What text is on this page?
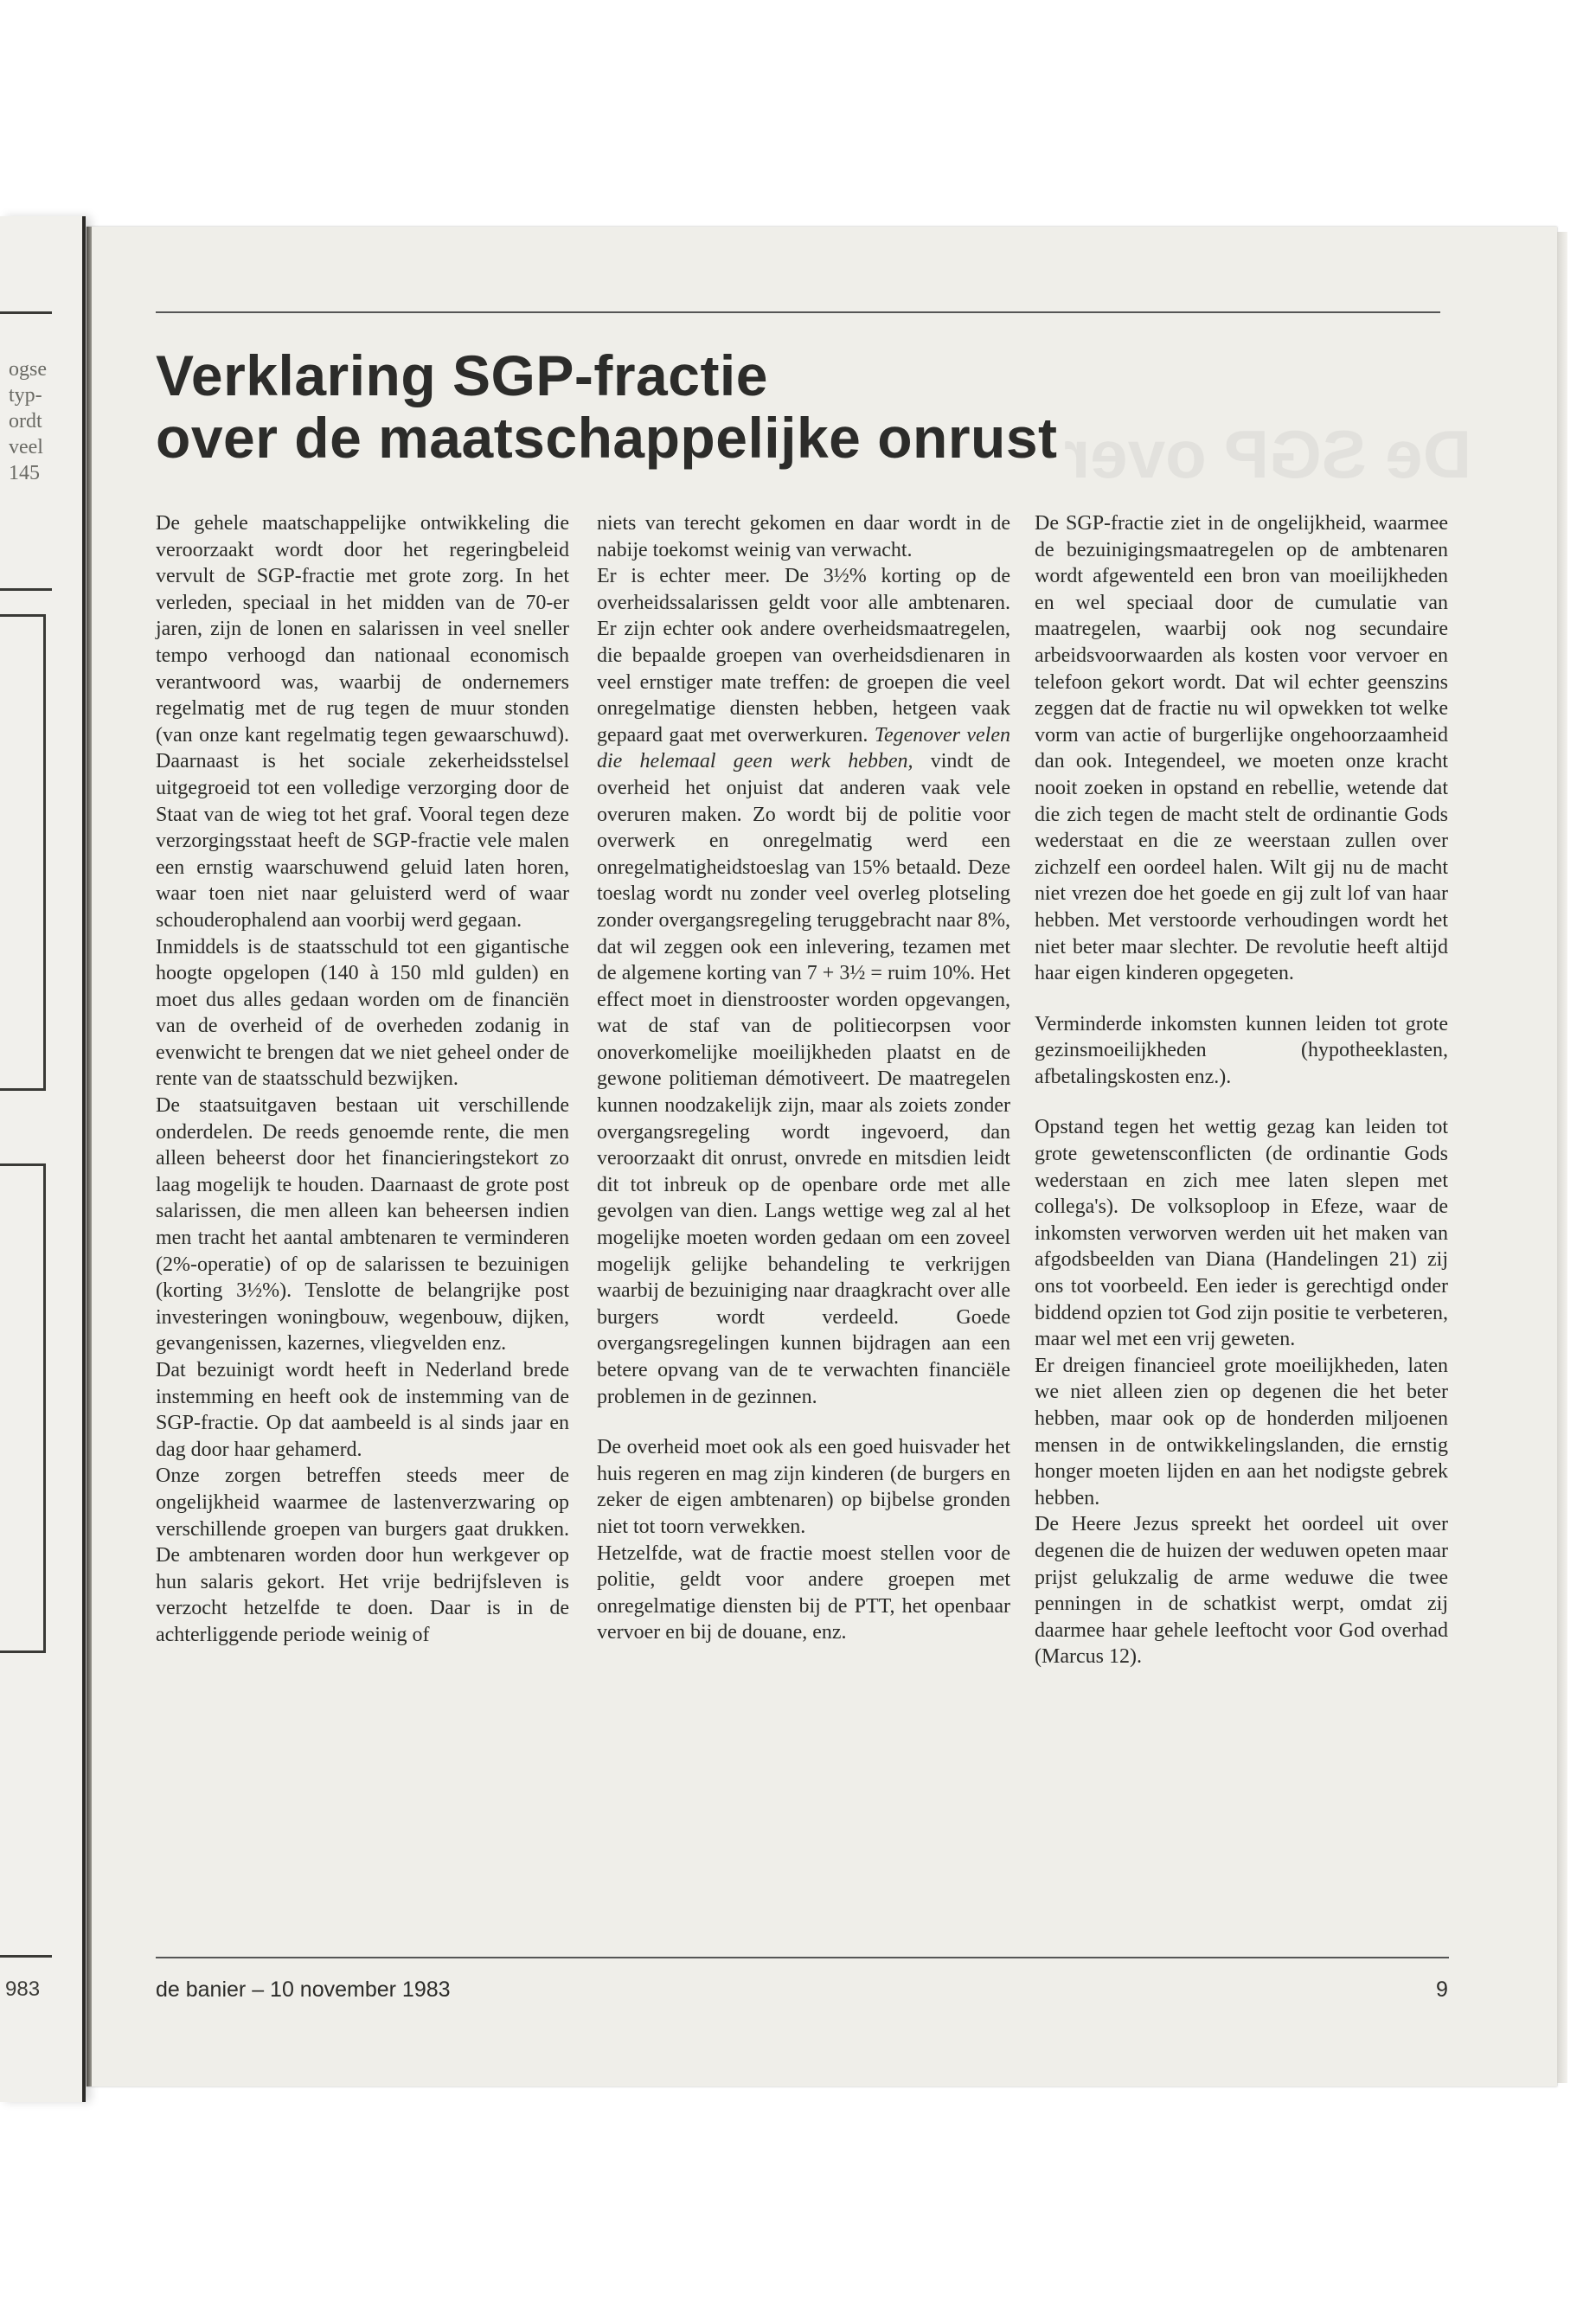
ogse
typ-
ordt
veel
145
983
De SGP over
Verklaring SGP-fractie
over de maatschappelijke onrust

De gehele maatschappelijke ontwikkeling die veroorzaakt wordt door het regeringbeleid vervult de SGP-fractie met grote zorg. In het verleden, speciaal in het midden van de 70-er jaren, zijn de lonen en salarissen in veel sneller tempo verhoogd dan nationaal economisch verantwoord was, waarbij de ondernemers regelmatig met de rug tegen de muur stonden (van onze kant regelmatig tegen gewaarschuwd). Daarnaast is het sociale zekerheidsstelsel uitgegroeid tot een volledige verzorging door de Staat van de wieg tot het graf. Vooral tegen deze verzorgingsstaat heeft de SGP-fractie vele malen een ernstig waarschuwend geluid laten horen, waar toen niet naar geluisterd werd of waar schouderophalend aan voorbij werd gegaan.

Inmiddels is de staatsschuld tot een gigantische hoogte opgelopen (140 à 150 mld gulden) en moet dus alles gedaan worden om de financiën van de overheid of de overheden zodanig in evenwicht te brengen dat we niet geheel onder de rente van de staatsschuld bezwijken.

De staatsuitgaven bestaan uit verschillende onderdelen. De reeds genoemde rente, die men alleen beheerst door het financieringstekort zo laag mogelijk te houden. Daarnaast de grote post salarissen, die men alleen kan beheersen indien men tracht het aantal ambtenaren te verminderen (2%-operatie) of op de salarissen te bezuinigen (korting 3½%). Tenslotte de belangrijke post investeringen woningbouw, wegenbouw, dijken, gevangenissen, kazernes, vliegvelden enz.

Dat bezuinigt wordt heeft in Nederland brede instemming en heeft ook de instemming van de SGP-fractie. Op dat aambeeld is al sinds jaar en dag door haar gehamerd.

Onze zorgen betreffen steeds meer de ongelijkheid waarmee de lastenverzwaring op verschillende groepen van burgers gaat drukken. De ambtenaren worden door hun werkgever op hun salaris gekort. Het vrije bedrijfsleven is verzocht hetzelfde te doen. Daar is in de achterliggende periode weinig of

niets van terecht gekomen en daar wordt in de nabije toekomst weinig van verwacht.

Er is echter meer. De 3½% korting op de overheidssalarissen geldt voor alle ambtenaren. Er zijn echter ook andere overheidsmaatregelen, die bepaalde groepen van overheidsdienaren in veel ernstiger mate treffen: de groepen die veel onregelmatige diensten hebben, hetgeen vaak gepaard gaat met overwerkuren. Tegenover velen die helemaal geen werk hebben, vindt de overheid het onjuist dat anderen vaak vele overuren maken. Zo wordt bij de politie voor overwerk en onregelmatig werd een onregelmatigheidstoeslag van 15% betaald. Deze toeslag wordt nu zonder veel overleg plotseling zonder overgangsregeling teruggebracht naar 8%, dat wil zeggen ook een inlevering, tezamen met de algemene korting van 7 + 3½ = ruim 10%. Het effect moet in dienstrooster worden opgevangen, wat de staf van de politiecorpsen voor onoverkomelijke moeilijkheden plaatst en de gewone politieman démotiveert. De maatregelen kunnen noodzakelijk zijn, maar als zoiets zonder overgangsregeling wordt ingevoerd, dan veroorzaakt dit onrust, onvrede en mitsdien leidt dit tot inbreuk op de openbare orde met alle gevolgen van dien. Langs wettige weg zal al het mogelijke moeten worden gedaan om een zoveel mogelijk gelijke behandeling te verkrijgen waarbij de bezuiniging naar draagkracht over alle burgers wordt verdeeld. Goede overgangsregelingen kunnen bijdragen aan een betere opvang van de te verwachten financiële problemen in de gezinnen.

De overheid moet ook als een goed huisvader het huis regeren en mag zijn kinderen (de burgers en zeker de eigen ambtenaren) op bijbelse gronden niet tot toorn verwekken.

Hetzelfde, wat de fractie moest stellen voor de politie, geldt voor andere groepen met onregelmatige diensten bij de PTT, het openbaar vervoer en bij de douane, enz.

De SGP-fractie ziet in de ongelijkheid, waarmee de bezuinigingsmaatregelen op de ambtenaren wordt afgewenteld een bron van moeilijkheden en wel speciaal door de cumulatie van maatregelen, waarbij ook nog secundaire arbeidsvoorwaarden als kosten voor vervoer en telefoon gekort wordt. Dat wil echter geenszins zeggen dat de fractie nu wil opwekken tot welke vorm van actie of burgerlijke ongehoorzaamheid dan ook. Integendeel, we moeten onze kracht nooit zoeken in opstand en rebellie, wetende dat die zich tegen de macht stelt de ordinantie Gods wederstaat en die ze weerstaan zullen over zichzelf een oordeel halen. Wilt gij nu de macht niet vrezen doe het goede en gij zult lof van haar hebben. Met verstoorde verhoudingen wordt het niet beter maar slechter. De revolutie heeft altijd haar eigen kinderen opgegeten.

Verminderde inkomsten kunnen leiden tot grote gezinsmoeilijkheden (hypotheeklasten, afbetalingskosten enz.).

Opstand tegen het wettig gezag kan leiden tot grote gewetensconflicten (de ordinantie Gods wederstaan en zich mee laten slepen met collega's). De volksoploop in Efeze, waar de inkomsten verworven werden uit het maken van afgodsbeelden van Diana (Handelingen 21) zij ons tot voorbeeld. Een ieder is gerechtigd onder biddend opzien tot God zijn positie te verbeteren, maar wel met een vrij geweten.

Er dreigen financieel grote moeilijkheden, laten we niet alleen zien op degenen die het beter hebben, maar ook op de honderden miljoenen mensen in de ontwikkelingslanden, die ernstig honger moeten lijden en aan het nodigste gebrek hebben.

De Heere Jezus spreekt het oordeel uit over degenen die de huizen der weduwen opeten maar prijst gelukzalig de arme weduwe die twee penningen in de schatkist werpt, omdat zij daarmee haar gehele leeftocht voor God overhad (Marcus 12).

de banier – 10 november 1983	9
